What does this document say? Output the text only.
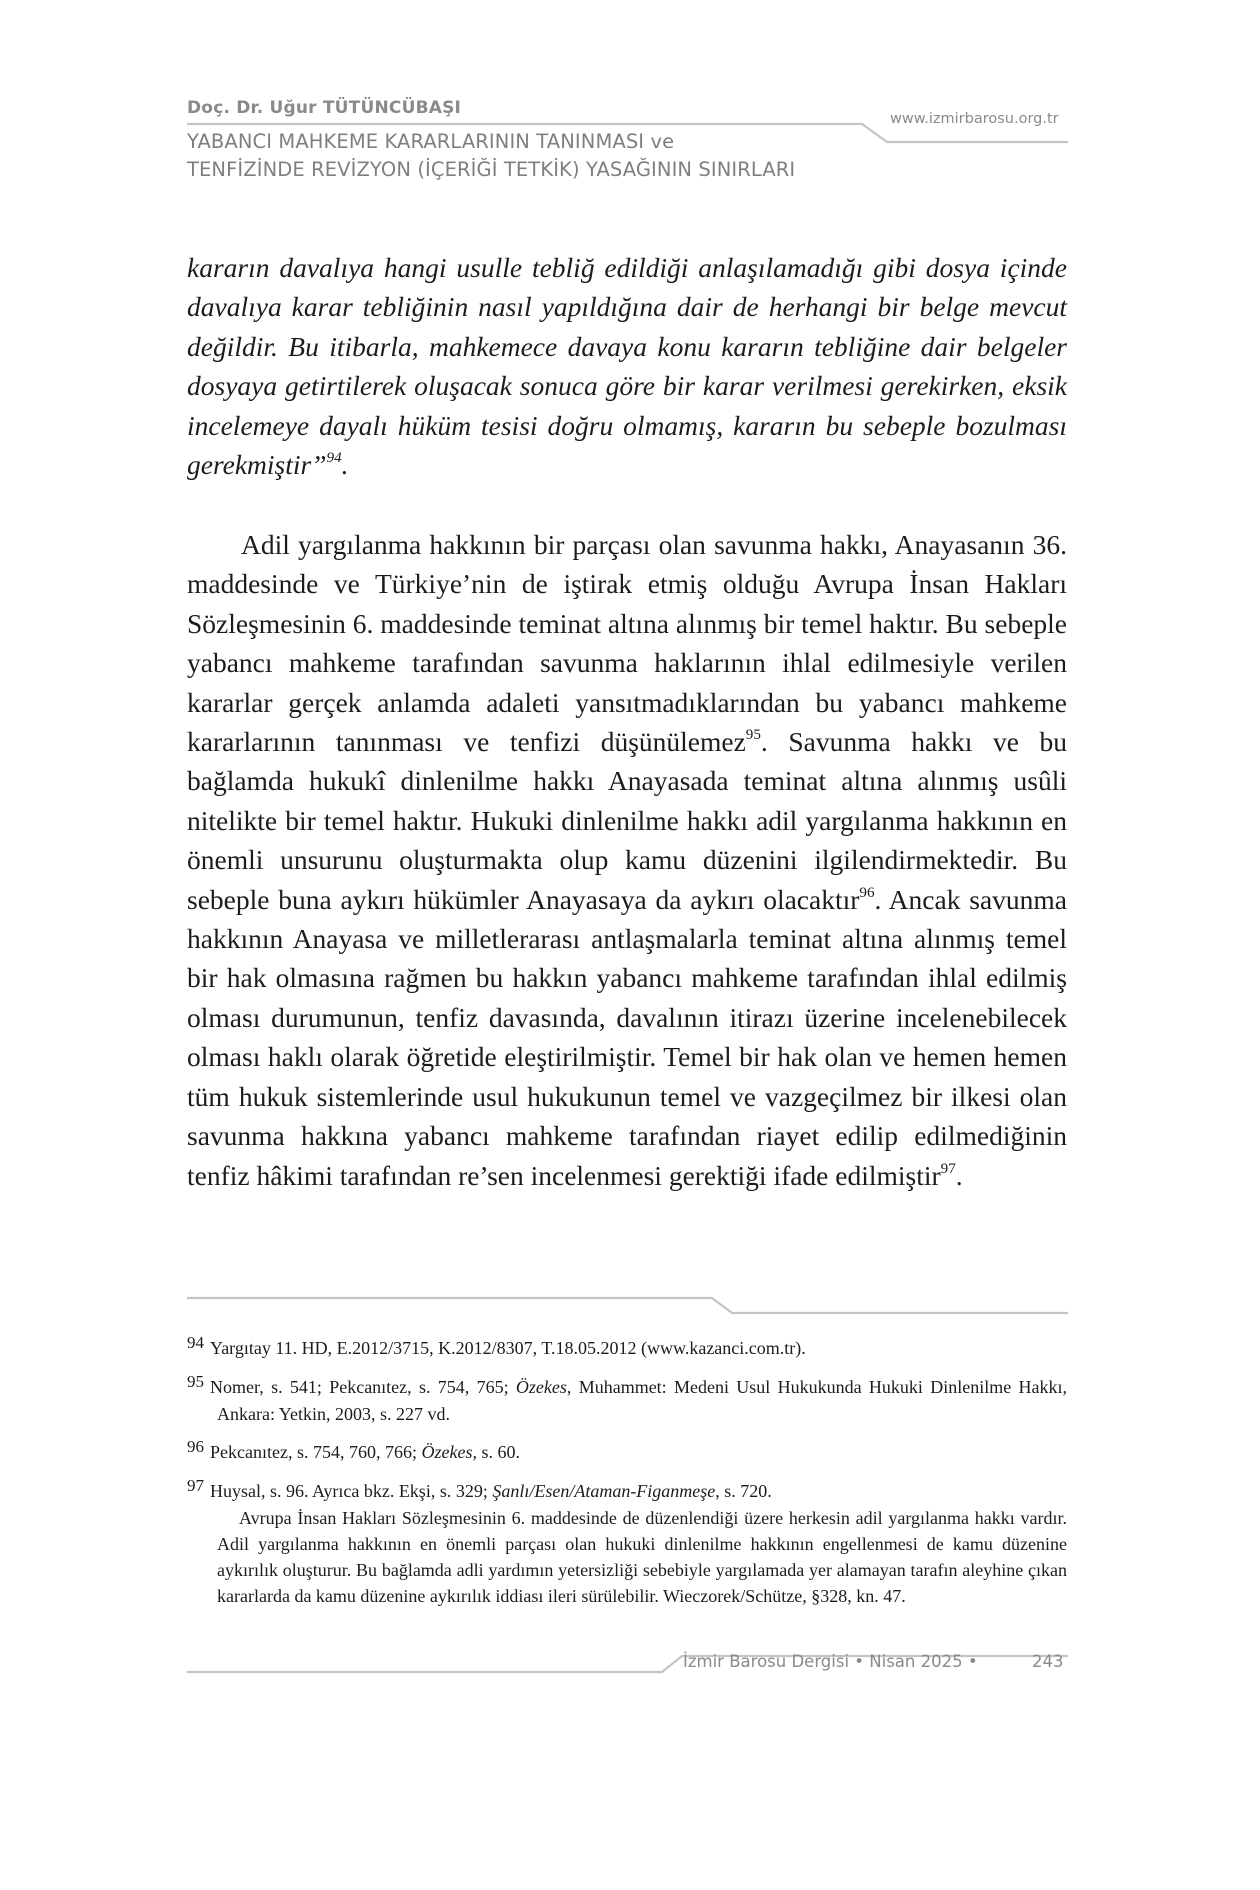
Doç. Dr. Uğur TÜTÜNCÜBAŞI
YABANCI MAHKEME KARARLARININ TANINMASI ve
TENFİZİNDE REVİZYON (İÇERİĞİ TETKİK) YASAĞININ SINIRLARI
www.izmirbarosu.org.tr
kararın davalıya hangi usulle tebliğ edildiği anlaşılamadığı gibi dosya içinde davalıya karar tebliğinin nasıl yapıldığına dair de herhangi bir belge mevcut değildir. Bu itibarla, mahkemece davaya konu kararın tebliğine dair belgeler dosyaya getirtilerek oluşacak sonuca göre bir karar verilmesi gerekirken, eksik incelemeye dayalı hüküm tesisi doğru olmamış, kararın bu sebeple bozulması gerekmiştir”$^{94}$.
Adil yargılanma hakkının bir parçası olan savunma hakkı, Anayasanın 36. maddesinde ve Türkiye’nin de iştirak etmiş olduğu Avrupa İnsan Hakları Sözleşmesinin 6. maddesinde teminat altına alınmış bir temel haktır. Bu sebeple yabancı mahkeme tarafından savunma haklarının ihlal edilmesiyle verilen kararlar gerçek anlamda adaleti yansıtmadıklarından bu yabancı mahkeme kararlarının tanınması ve tenfizi düşünülemez$^{95}$. Savunma hakkı ve bu bağlamda hukukî dinlenilme hakkı Anayasada teminat altına alınmış usûli nitelikte bir temel haktır. Hukuki dinlenilme hakkı adil yargılanma hakkının en önemli unsurunu oluşturmakta olup kamu düzenini ilgilendirmektedir. Bu sebeple buna aykırı hükümler Anayasaya da aykırı olacaktır$^{96}$. Ancak savunma hakkının Anayasa ve milletlerarası antlaşmalarla teminat altına alınmış temel bir hak olmasına rağmen bu hakkın yabancı mahkeme tarafından ihlal edilmiş olması durumunun, tenfiz davasında, davalının itirazı üzerine incelenebilecek olması haklı olarak öğretide eleştirilmiştir. Temel bir hak olan ve hemen hemen tüm hukuk sistemlerinde usul hukukunun temel ve vazgeçilmez bir ilkesi olan savunma hakkına yabancı mahkeme tarafından riayet edilip edilmediğinin tenfiz hâkimi tarafından re’sen incelenmesi gerektiği ifade edilmiştir$^{97}$.
94 Yargıtay 11. HD, E.2012/3715, K.2012/8307, T.18.05.2012 (www.kazanci.com.tr).
95 Nomer, s. 541; Pekcanıtez, s. 754, 765; Özekes, Muhammet: Medeni Usul Hukukunda Hukuki Dinlenilme Hakkı, Ankara: Yetkin, 2003, s. 227 vd.
96 Pekcanıtez, s. 754, 760, 766; Özekes, s. 60.
97 Huysal, s. 96. Ayrıca bkz. Ekşi, s. 329; Şanlı/Esen/Ataman-Figanmeşe, s. 720.

Avrupa İnsan Hakları Sözleşmesinin 6. maddesinde de düzenlendiği üzere herkesin adil yargılanma hakkı vardır. Adil yargılanma hakkının en önemli parçası olan hukuki dinlenilme hakkının engellenmesi de kamu düzenine aykırılık oluşturur. Bu bağlamda adli yardımın yetersizliği sebebiyle yargılamada yer alamayan tarafın aleyhine çıkan kararlarda da kamu düzenine aykırılık iddiası ileri sürülebilir. Wieczorek/Schütze, §328, kn. 47.

İzmir Barosu Dergisi • Nisan 2025 •	243
